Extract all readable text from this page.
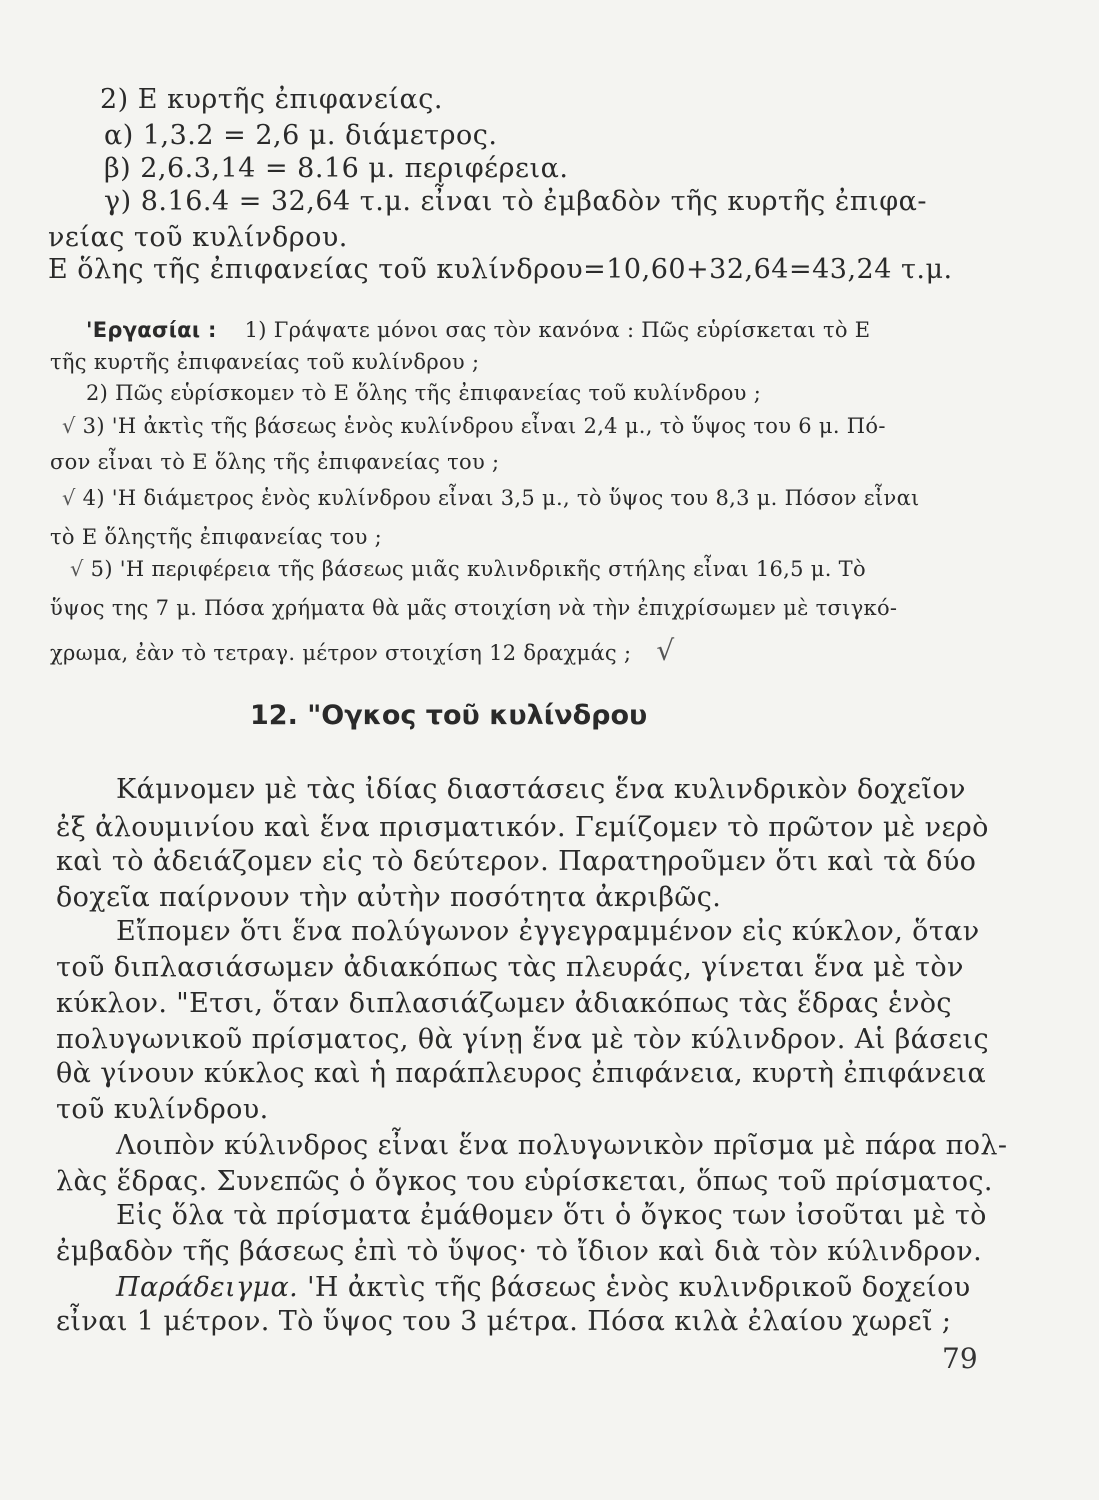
2) Ε κυρτῆς ἐπιφανείας.
α) 1,3.2 = 2,6 μ. διάμετρος.
β) 2,6.3,14 = 8.16 μ. περιφέρεια.
γ) 8.16.4 = 32,64 τ.μ. εἶναι τὸ ἐμβαδὸν τῆς κυρτῆς ἐπιφα-
νείας τοῦ κυλίνδρου.
Ε ὅλης τῆς ἐπιφανείας τοῦ κυλίνδρου=10,60+32,64=43,24 τ.μ.
'Εργασίαι : 1) Γράψατε μόνοι σας τὸν κανόνα : Πῶς εὑρίσκεται τὸ Ε
τῆς κυρτῆς ἐπιφανείας τοῦ κυλίνδρου ;
2) Πῶς εὑρίσκομεν τὸ Ε ὅλης τῆς ἐπιφανείας τοῦ κυλίνδρου ;
√ 3) 'Η ἀκτὶς τῆς βάσεως ἑνὸς κυλίνδρου εἶναι 2,4 μ., τὸ ὕψος του 6 μ. Πό-
σον εἶναι τὸ Ε ὅλης τῆς ἐπιφανείας του ;
√ 4) 'Η διάμετρος ἑνὸς κυλίνδρου εἶναι 3,5 μ., τὸ ὕψος του 8,3 μ. Πόσον εἶναι
τὸ Ε ὅληςτῆς ἐπιφανείας του ;
√ 5) 'Η περιφέρεια τῆς βάσεως μιᾶς κυλινδρικῆς στήλης εἶναι 16,5 μ. Τὸ
ὕψος της 7 μ. Πόσα χρήματα θὰ μᾶς στοιχίση νὰ τὴν ἐπιχρίσωμεν μὲ τσιγκό-
χρωμα, ἐὰν τὸ τετραγ. μέτρον στοιχίση 12 δραχμάς ; √
12. "Ογκος τοῦ κυλίνδρου
Κάμνομεν μὲ τὰς ἰδίας διαστάσεις ἕνα κυλινδρικὸν δοχεῖον
ἐξ ἀλουμινίου καὶ ἕνα πρισματικόν. Γεμίζομεν τὸ πρῶτον μὲ νερὸ
καὶ τὸ ἀδειάζομεν εἰς τὸ δεύτερον. Παρατηροῦμεν ὅτι καὶ τὰ δύο
δοχεῖα παίρνουν τὴν αὐτὴν ποσότητα ἀκριβῶς.
Εἴπομεν ὅτι ἕνα πολύγωνον ἐγγεγραμμένον εἰς κύκλον, ὅταν
τοῦ διπλασιάσωμεν ἀδιακόπως τὰς πλευράς, γίνεται ἕνα μὲ τὸν
κύκλον. "Ετσι, ὅταν διπλασιάζωμεν ἀδιακόπως τὰς ἕδρας ἑνὸς
πολυγωνικοῦ πρίσματος, θὰ γίνῃ ἕνα μὲ τὸν κύλινδρον. Αἱ βάσεις
θὰ γίνουν κύκλος καὶ ἡ παράπλευρος ἐπιφάνεια, κυρτὴ ἐπιφάνεια
τοῦ κυλίνδρου.
Λοιπὸν κύλινδρος εἶναι ἕνα πολυγωνικὸν πρῖσμα μὲ πάρα πολ-
λὰς ἕδρας. Συνεπῶς ὁ ὄγκος του εὑρίσκεται, ὅπως τοῦ πρίσματος.
Εἰς ὅλα τὰ πρίσματα ἐμάθομεν ὅτι ὁ ὄγκος των ἰσοῦται μὲ τὸ
ἐμβαδὸν τῆς βάσεως ἐπὶ τὸ ὕψος· τὸ ἴδιον καὶ διὰ τὸν κύλινδρον.
Παράδειγμα. 'Η ἀκτὶς τῆς βάσεως ἑνὸς κυλινδρικοῦ δοχείου
εἶναι 1 μέτρον. Τὸ ὕψος του 3 μέτρα. Πόσα κιλὰ ἐλαίου χωρεῖ ;
79
